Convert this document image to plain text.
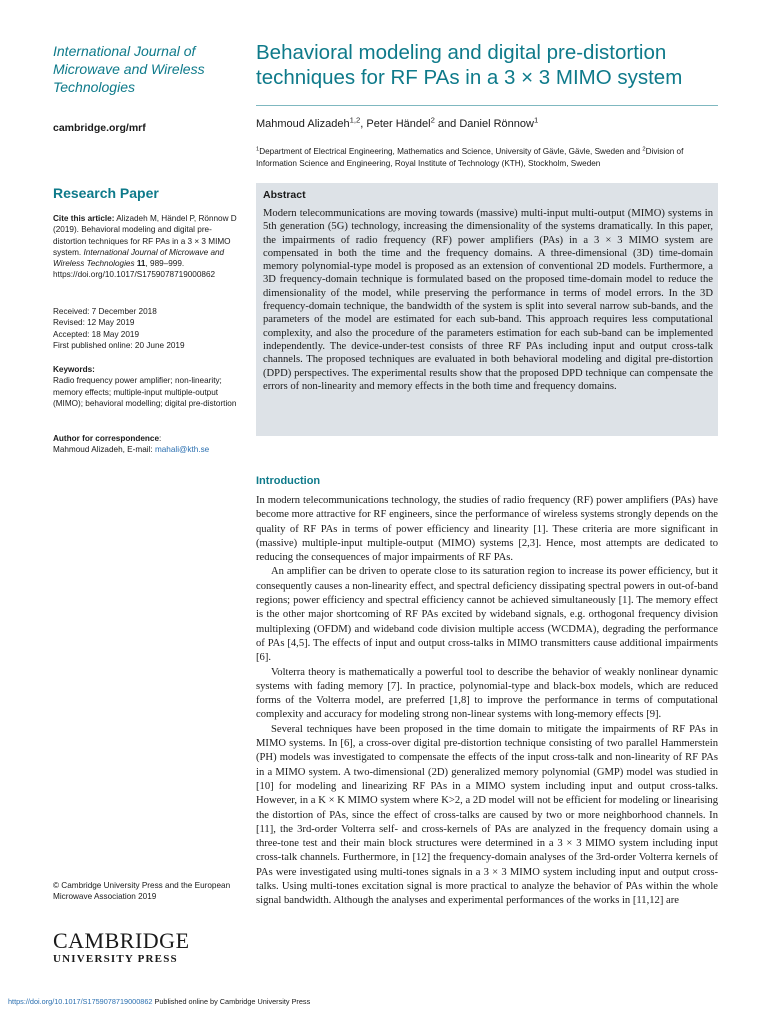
International Journal of Microwave and Wireless Technologies
cambridge.org/mrf
Research Paper
Cite this article: Alizadeh M, Händel P, Rönnow D (2019). Behavioral modeling and digital pre-distortion techniques for RF PAs in a 3 × 3 MIMO system. International Journal of Microwave and Wireless Technologies 11, 989–999. https://doi.org/10.1017/S1759078719000862
Received: 7 December 2018
Revised: 12 May 2019
Accepted: 18 May 2019
First published online: 20 June 2019
Keywords:
Radio frequency power amplifier; non-linearity; memory effects; multiple-input multiple-output (MIMO); behavioral modelling; digital pre-distortion
Author for correspondence:
Mahmoud Alizadeh, E-mail: mahali@kth.se
© Cambridge University Press and the European Microwave Association 2019
CAMBRIDGE
UNIVERSITY PRESS
Behavioral modeling and digital pre-distortion techniques for RF PAs in a 3 × 3 MIMO system
Mahmoud Alizadeh$^{1,2}$, Peter Händel$^2$ and Daniel Rönnow$^1$
$^1$Department of Electrical Engineering, Mathematics and Science, University of Gävle, Gävle, Sweden and $^2$Division of Information Science and Engineering, Royal Institute of Technology (KTH), Stockholm, Sweden
Abstract
Modern telecommunications are moving towards (massive) multi-input multi-output (MIMO) systems in 5th generation (5G) technology, increasing the dimensionality of the systems dramatically. In this paper, the impairments of radio frequency (RF) power amplifiers (PAs) in a 3 × 3 MIMO system are compensated in both the time and the frequency domains. A three-dimensional (3D) time-domain memory polynomial-type model is proposed as an extension of conventional 2D models. Furthermore, a 3D frequency-domain technique is formulated based on the proposed time-domain model to reduce the dimensionality of the model, while preserving the performance in terms of model errors. In the 3D frequency-domain technique, the bandwidth of the system is split into several narrow sub-bands, and the parameters of the model are estimated for each sub-band. This approach requires less computational complexity, and also the procedure of the parameters estimation for each sub-band can be implemented independently. The device-under-test consists of three RF PAs including input and output cross-talk channels. The proposed techniques are evaluated in both behavioral modeling and digital pre-distortion (DPD) perspectives. The experimental results show that the proposed DPD technique can compensate the errors of non-linearity and memory effects in the both time and frequency domains.
Introduction

In modern telecommunications technology, the studies of radio frequency (RF) power amplifiers (PAs) have become more attractive for RF engineers, since the performance of wireless systems strongly depends on the quality of RF PAs in terms of power efficiency and linearity [1]. These criteria are more significant in (massive) multiple-input multiple-output (MIMO) systems [2,3]. Hence, most attempts are dedicated to reducing the consequences of major impairments of RF PAs.

An amplifier can be driven to operate close to its saturation region to increase its power efficiency, but it consequently causes a non-linearity effect, and spectral deficiency dissipating spectral powers in out-of-band regions; power efficiency and spectral efficiency cannot be achieved simultaneously [1]. The memory effect is the other major shortcoming of RF PAs excited by wideband signals, e.g. orthogonal frequency division multiplexing (OFDM) and wideband code division multiple access (WCDMA), degrading the performance of PAs [4,5]. The effects of input and output cross-talks in MIMO transmitters cause additional impairments [6].

Volterra theory is mathematically a powerful tool to describe the behavior of weakly nonlinear dynamic systems with fading memory [7]. In practice, polynomial-type and black-box models, which are reduced forms of the Volterra model, are preferred [1,8] to improve the performance in terms of computational complexity and accuracy for modeling strong non-linear systems with long-memory effects [9].

Several techniques have been proposed in the time domain to mitigate the impairments of RF PAs in MIMO systems. In [6], a cross-over digital pre-distortion technique consisting of two parallel Hammerstein (PH) models was investigated to compensate the effects of the input cross-talk and non-linearity of RF PAs in a MIMO system. A two-dimensional (2D) generalized memory polynomial (GMP) model was studied in [10] for modeling and linearizing RF PAs in a MIMO system including input and output cross-talks. However, in a K × K MIMO system where K>2, a 2D model will not be efficient for modeling or linearising the distortion of PAs, since the effect of cross-talks are caused by two or more neighborhood channels. In [11], the 3rd-order Volterra self- and cross-kernels of PAs are analyzed in the frequency domain using a three-tone test and their main block structures were determined in a 3 × 3 MIMO system including input cross-talk channels. Furthermore, in [12] the frequency-domain analyses of the 3rd-order Volterra kernels of PAs were investigated using multi-tones signals in a 3 × 3 MIMO system including input and output cross-talks. Using multi-tones excitation signal is more practical to analyze the behavior of PAs within the whole signal bandwidth. Although the analyses and experimental performances of the works in [11,12] are

https://doi.org/10.1017/S1759078719000862 Published online by Cambridge University Press
